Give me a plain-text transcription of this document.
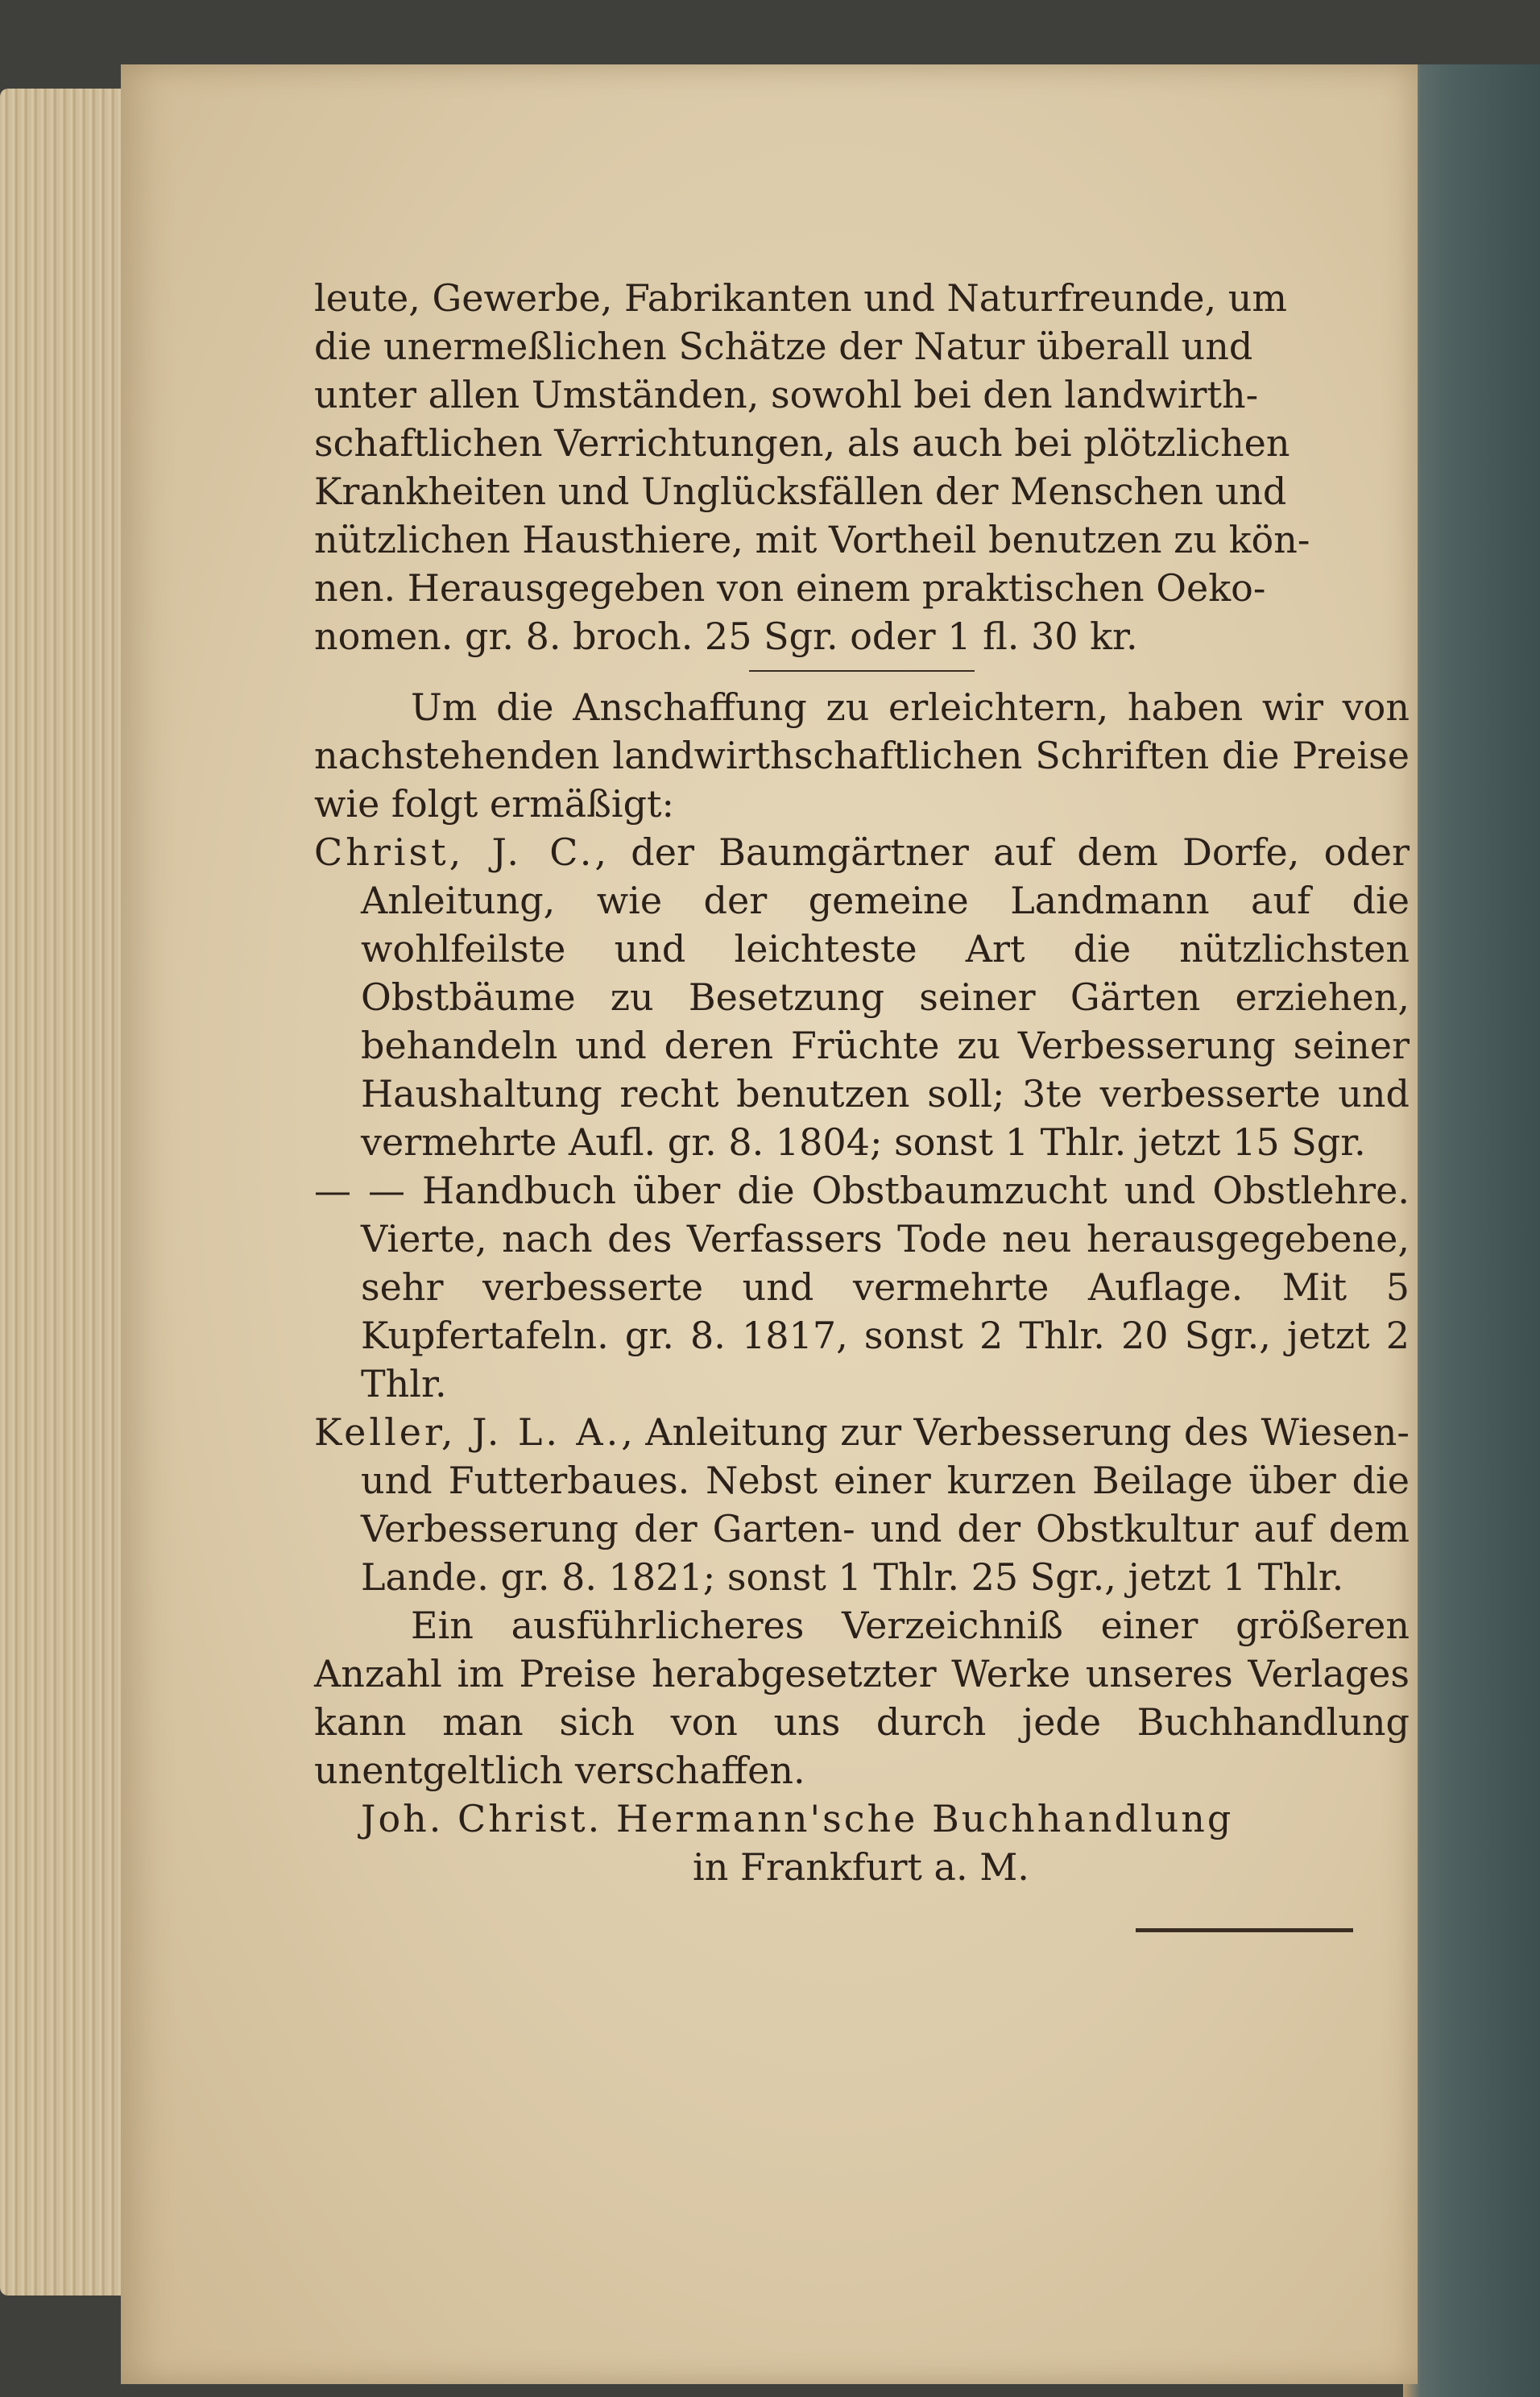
leute, Gewerbe, Fabrikanten und Naturfreunde, um
die unermeßlichen Schätze der Natur überall und
unter allen Umständen, sowohl bei den landwirth-
schaftlichen Verrichtungen, als auch bei plötzlichen
Krankheiten und Unglücksfällen der Menschen und
nützlichen Hausthiere, mit Vortheil benutzen zu kön-
nen. Herausgegeben von einem praktischen Oeko-
nomen. gr. 8. broch. 25 Sgr. oder 1 fl. 30 kr.
Um die Anschaffung zu erleichtern, haben wir von nachstehenden landwirthschaftlichen Schriften die Preise wie folgt ermäßigt:
Christ, J. C., der Baumgärtner auf dem Dorfe, oder Anleitung, wie der gemeine Landmann auf die wohlfeilste und leichteste Art die nützlichsten Obstbäume zu Besetzung seiner Gärten erziehen, behandeln und deren Früchte zu Verbesserung seiner Haushaltung recht benutzen soll; 3te verbesserte und vermehrte Aufl. gr. 8. 1804; sonst 1 Thlr. jetzt 15 Sgr.
— — Handbuch über die Obstbaumzucht und Obstlehre. Vierte, nach des Verfassers Tode neu herausgegebene, sehr verbesserte und vermehrte Auflage. Mit 5 Kupfertafeln. gr. 8. 1817, sonst 2 Thlr. 20 Sgr., jetzt 2 Thlr.
Keller, J. L. A., Anleitung zur Verbesserung des Wiesen- und Futterbaues. Nebst einer kurzen Beilage über die Verbesserung der Garten- und der Obstkultur auf dem Lande. gr. 8. 1821; sonst 1 Thlr. 25 Sgr., jetzt 1 Thlr.
Ein ausführlicheres Verzeichniß einer größeren Anzahl im Preise herabgesetzter Werke unseres Verlages kann man sich von uns durch jede Buchhandlung unentgeltlich verschaffen.
Joh. Christ. Hermann'sche Buchhandlung
in Frankfurt a. M.
